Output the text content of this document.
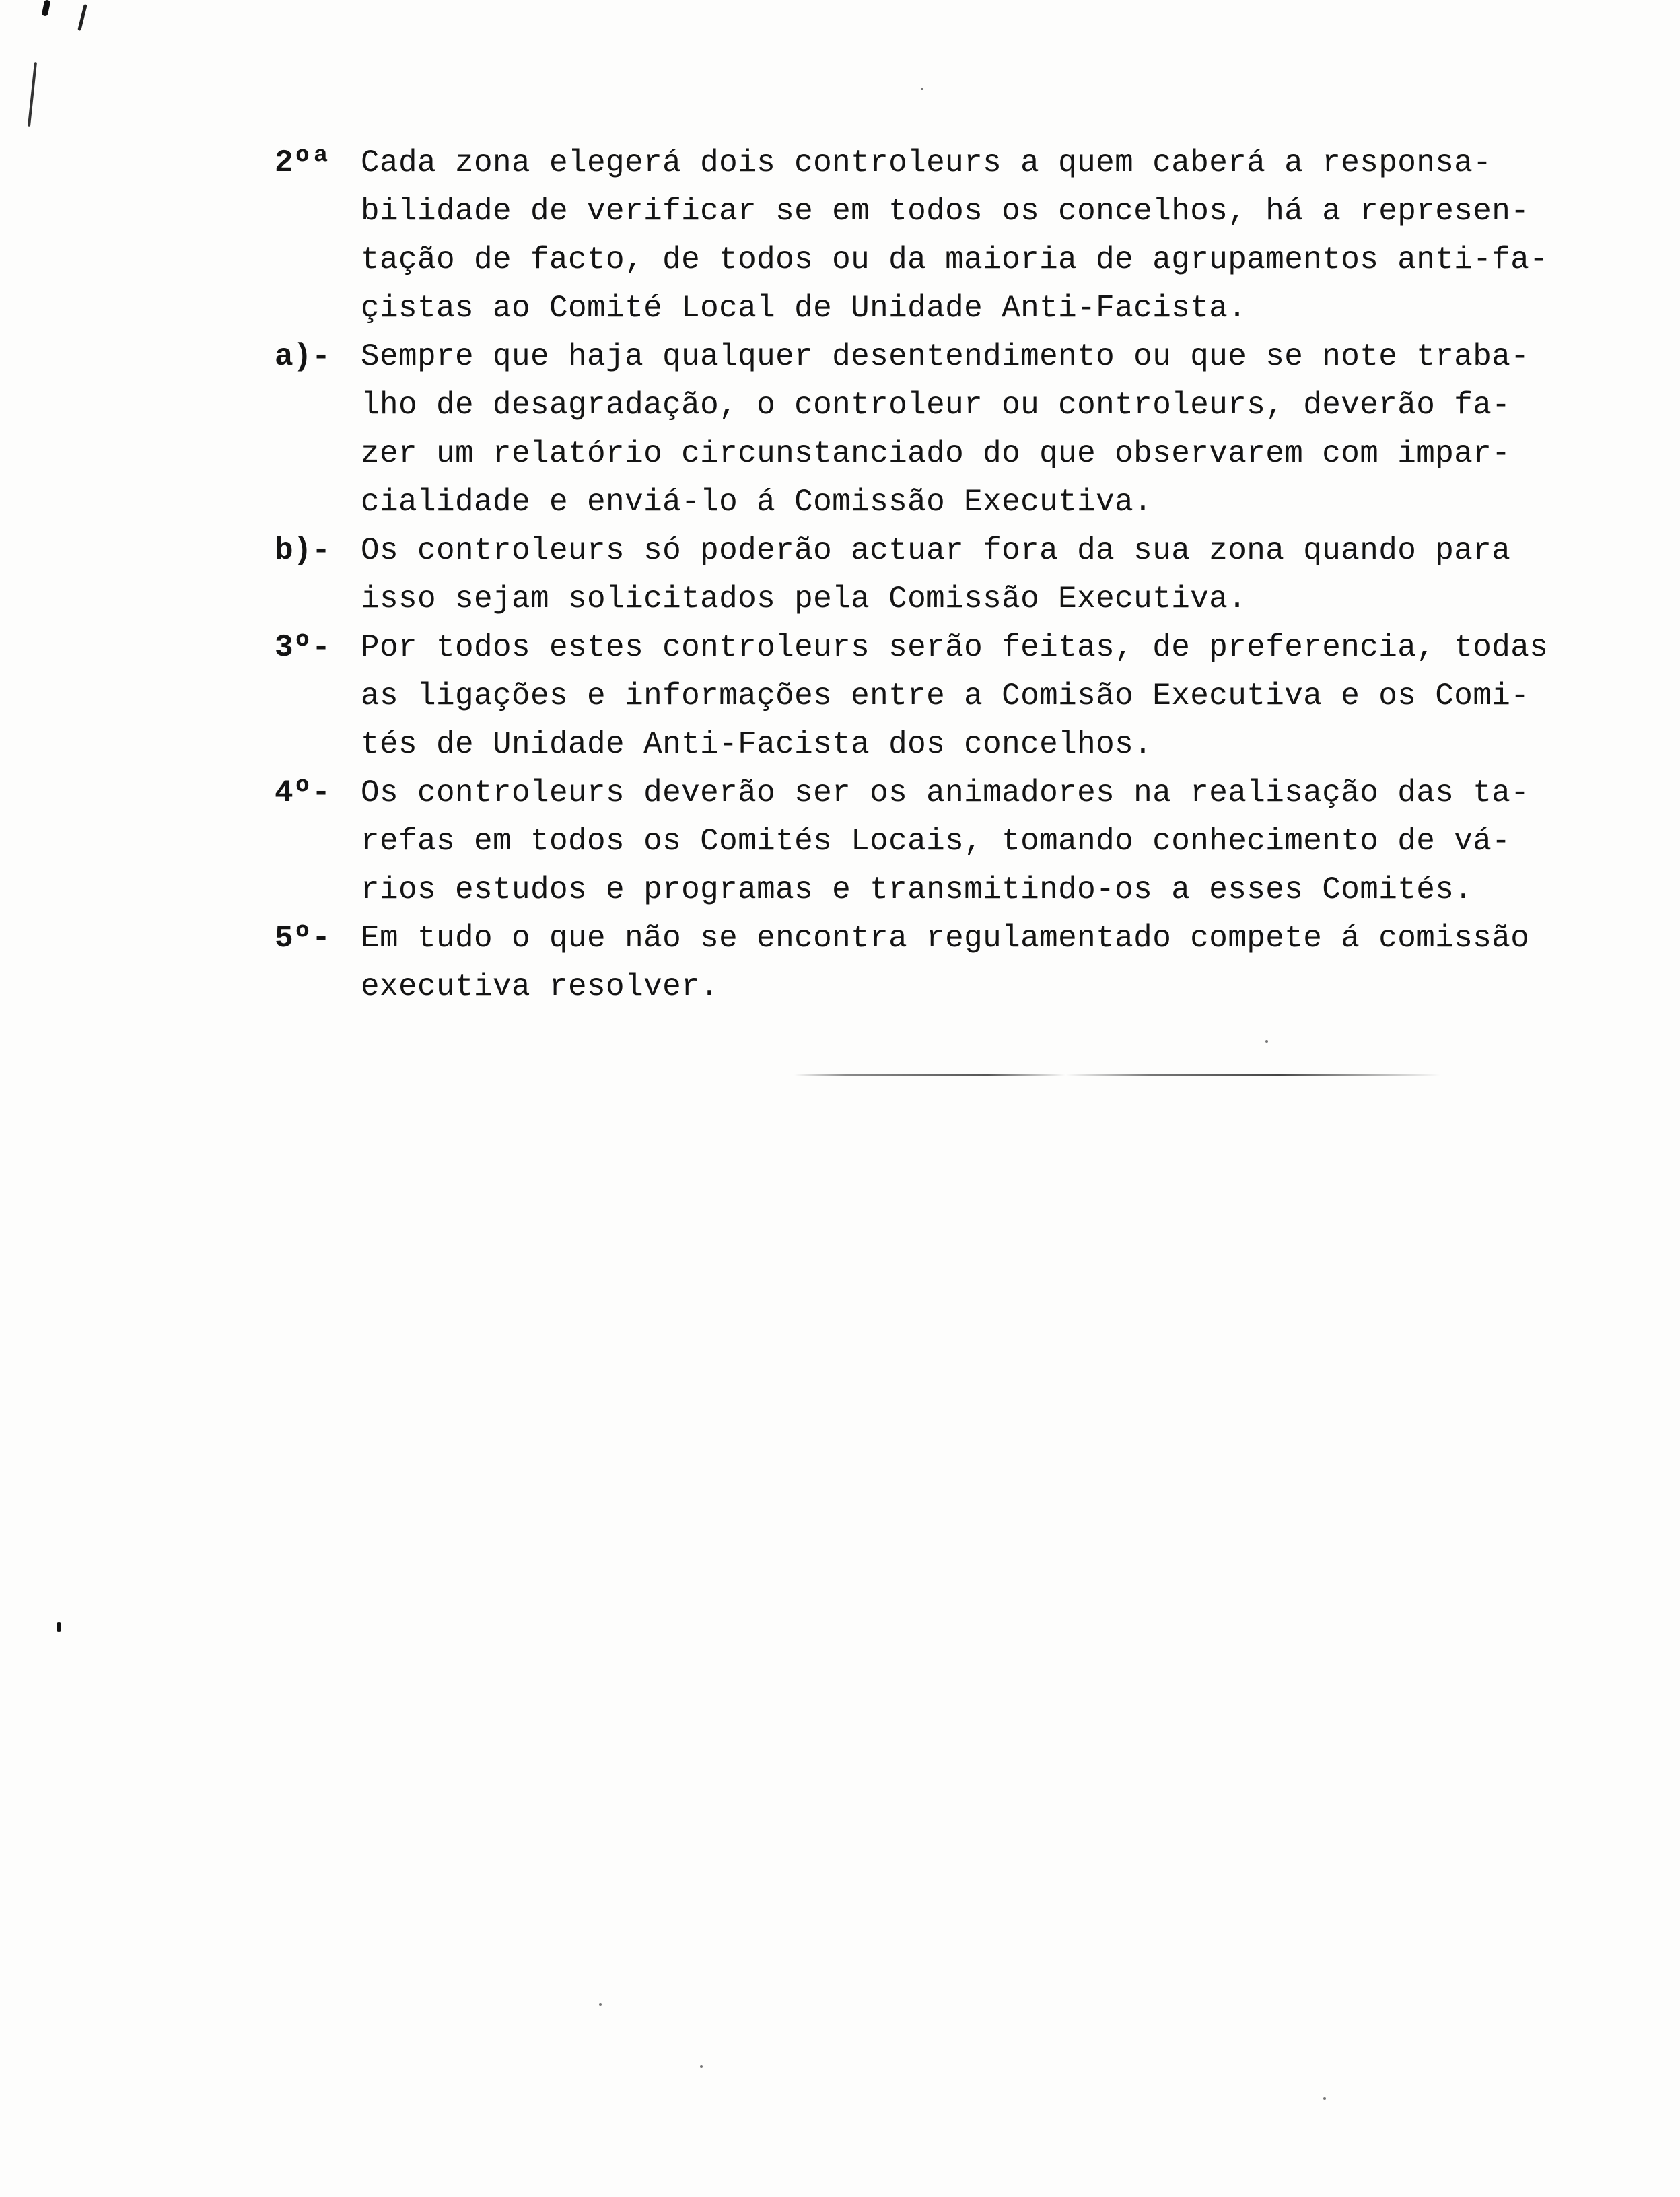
2ºª Cada zona elegerá dois controleurs a quem caberá a responsa-
bilidade de verificar se em todos os concelhos, há a represen-
tação de facto, de todos ou da maioria de agrupamentos anti-fa-
çistas ao Comité Local de Unidade Anti-Facista.
a)- Sempre que haja qualquer desentendimento ou que se note traba-
lho de desagradação, o controleur ou controleurs, deverão fa-
zer um relatório circunstanciado do que observarem com impar-
cialidade e enviá-lo á Comissão Executiva.
b)- Os controleurs só poderão actuar fora da sua zona quando para
isso sejam solicitados pela Comissão Executiva.
3º- Por todos estes controleurs serão feitas, de preferencia, todas
as ligações e informações entre a Comisão Executiva e os Comi-
tés de Unidade Anti-Facista dos concelhos.
4º- Os controleurs deverão ser os animadores na realisação das ta-
refas em todos os Comités Locais, tomando conhecimento de vá-
rios estudos e programas e transmitindo-os a esses Comités.
5º- Em tudo o que não se encontra regulamentado compete á comissão
executiva resolver.
